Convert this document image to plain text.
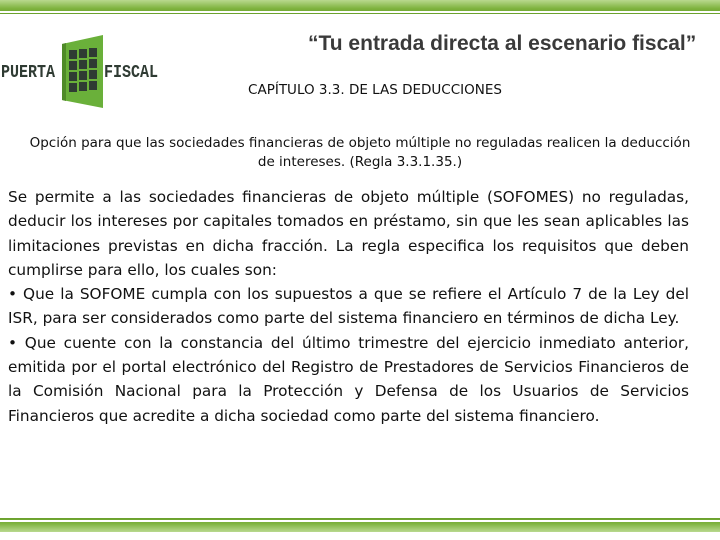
PUERTA	FISCAL
“Tu entrada directa al escenario fiscal”
CAPÍTULO 3.3. DE LAS DEDUCCIONES
Opción para que las sociedades financieras de objeto múltiple no reguladas realicen la deducción de intereses. (Regla 3.3.1.35.)

Se permite a las sociedades financieras de objeto múltiple (SOFOMES) no reguladas, deducir los intereses por capitales tomados en préstamo, sin que les sean aplicables las limitaciones previstas en dicha fracción. La regla especifica los requisitos que deben cumplirse para ello, los cuales son:

• Que la SOFOME cumpla con los supuestos a que se refiere el Artículo 7 de la Ley del ISR, para ser considerados como parte del sistema financiero en términos de dicha Ley.

• Que cuente con la constancia del último trimestre del ejercicio inmediato anterior, emitida por el portal electrónico del Registro de Prestadores de Servicios Financieros de la Comisión Nacional para la Protección y Defensa de los Usuarios de Servicios Financieros que acredite a dicha sociedad como parte del sistema financiero.
